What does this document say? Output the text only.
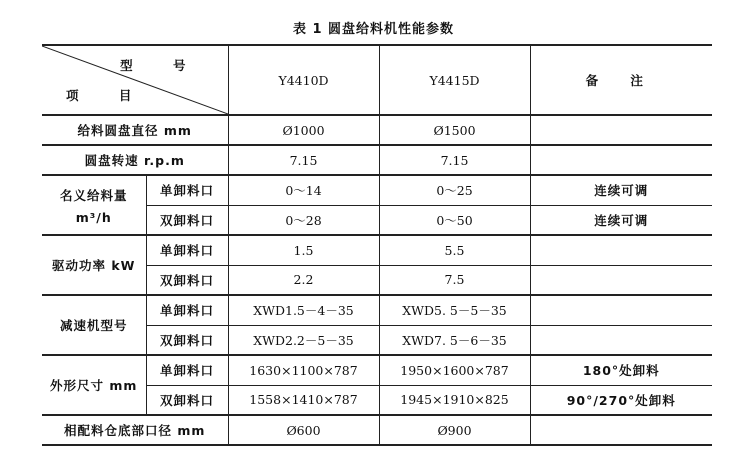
表 1 圆盘给料机性能参数
型 号
项 目		Y4410D	Y4415D	备 注
给料圆盘直径 mm		Ø1000	Ø1500	
圆盘转速 r.p.m		7.15	7.15	

名义给料量
m³/h	单卸料口	0～14	0～25	连续可调
	双卸料口	0～28	0～50	连续可调
驱动功率 kW	单卸料口	1.5	5.5	
	双卸料口	2.2	7.5	
减速机型号	单卸料口	XWD1.5－4－35	XWD5. 5－5－35	
	双卸料口	XWD2.2－5－35	XWD7. 5－6－35	
外形尺寸 mm	单卸料口	1630×1100×787	1950×1600×787	180°处卸料
	双卸料口	1558×1410×787	1945×1910×825	90°/270°处卸料
相配料仓底部口径 mm		Ø600	Ø900	
